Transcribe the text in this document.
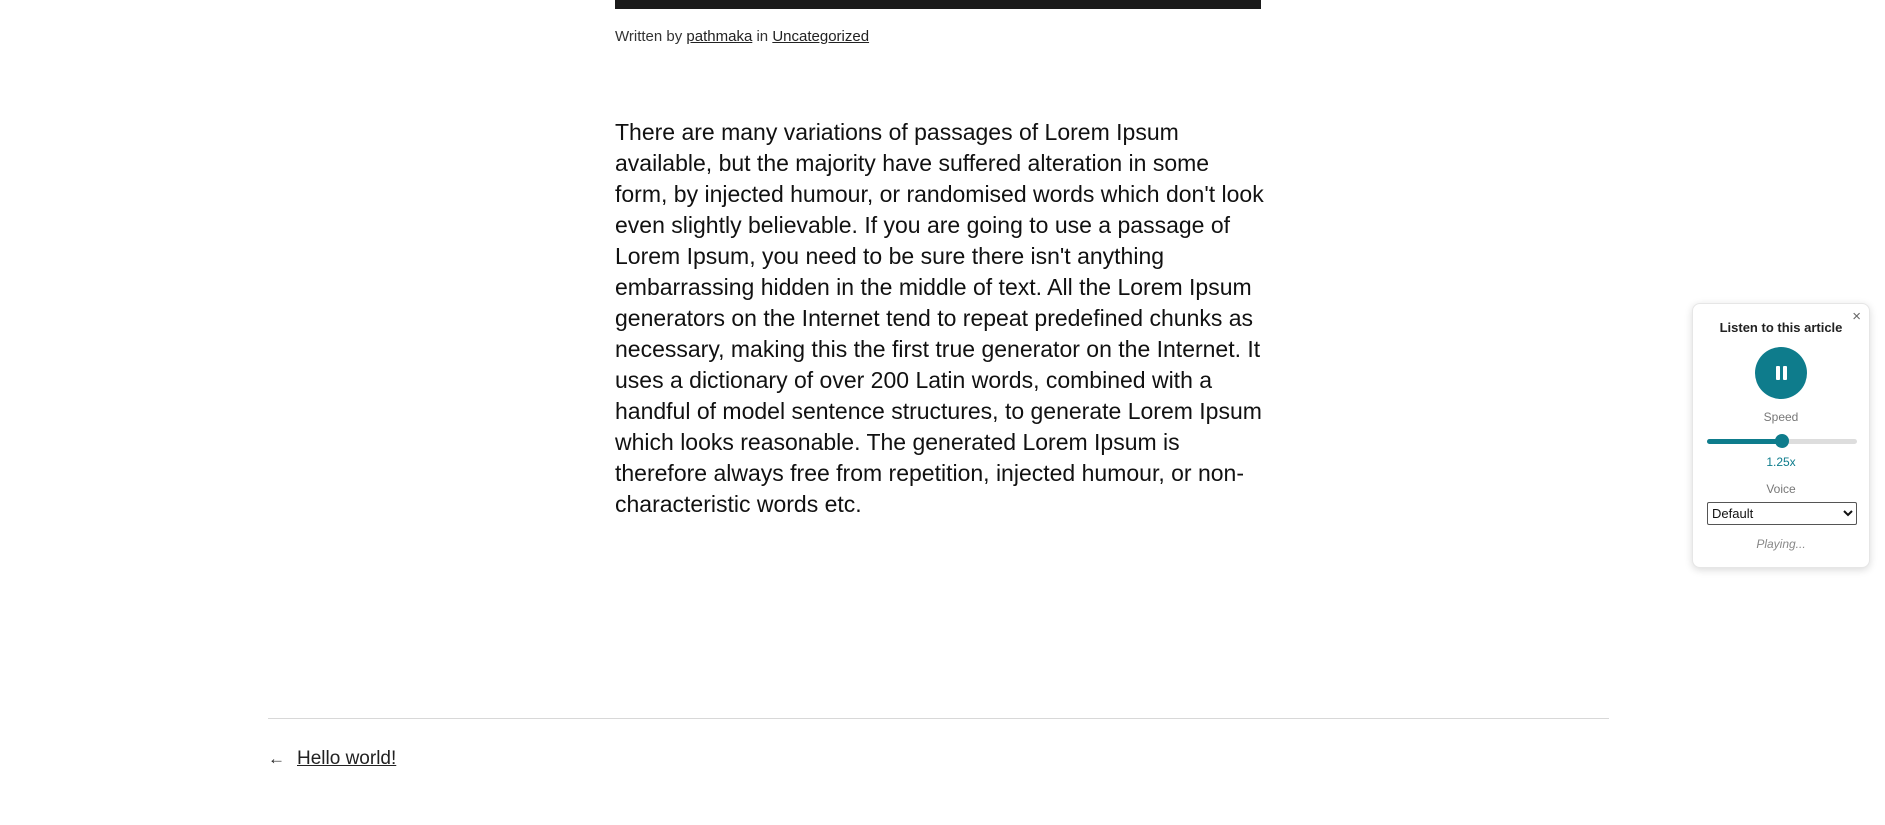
Written by pathmaka in Uncategorized

There are many variations of passages of Lorem Ipsum available, but the majority have suffered alteration in some form, by injected humour, or randomised words which don't look even slightly believable. If you are going to use a passage of Lorem Ipsum, you need to be sure there isn't anything embarrassing hidden in the middle of text. All the Lorem Ipsum generators on the Internet tend to repeat predefined chunks as necessary, making this the first true generator on the Internet. It uses a dictionary of over 200 Latin words, combined with a handful of model sentence structures, to generate Lorem Ipsum which looks reasonable. The generated Lorem Ipsum is therefore always free from repetition, injected humour, or non-characteristic words etc.

← Hello world!
×
Listen to this article
Speed
1.25x
Voice
Default
Playing...
